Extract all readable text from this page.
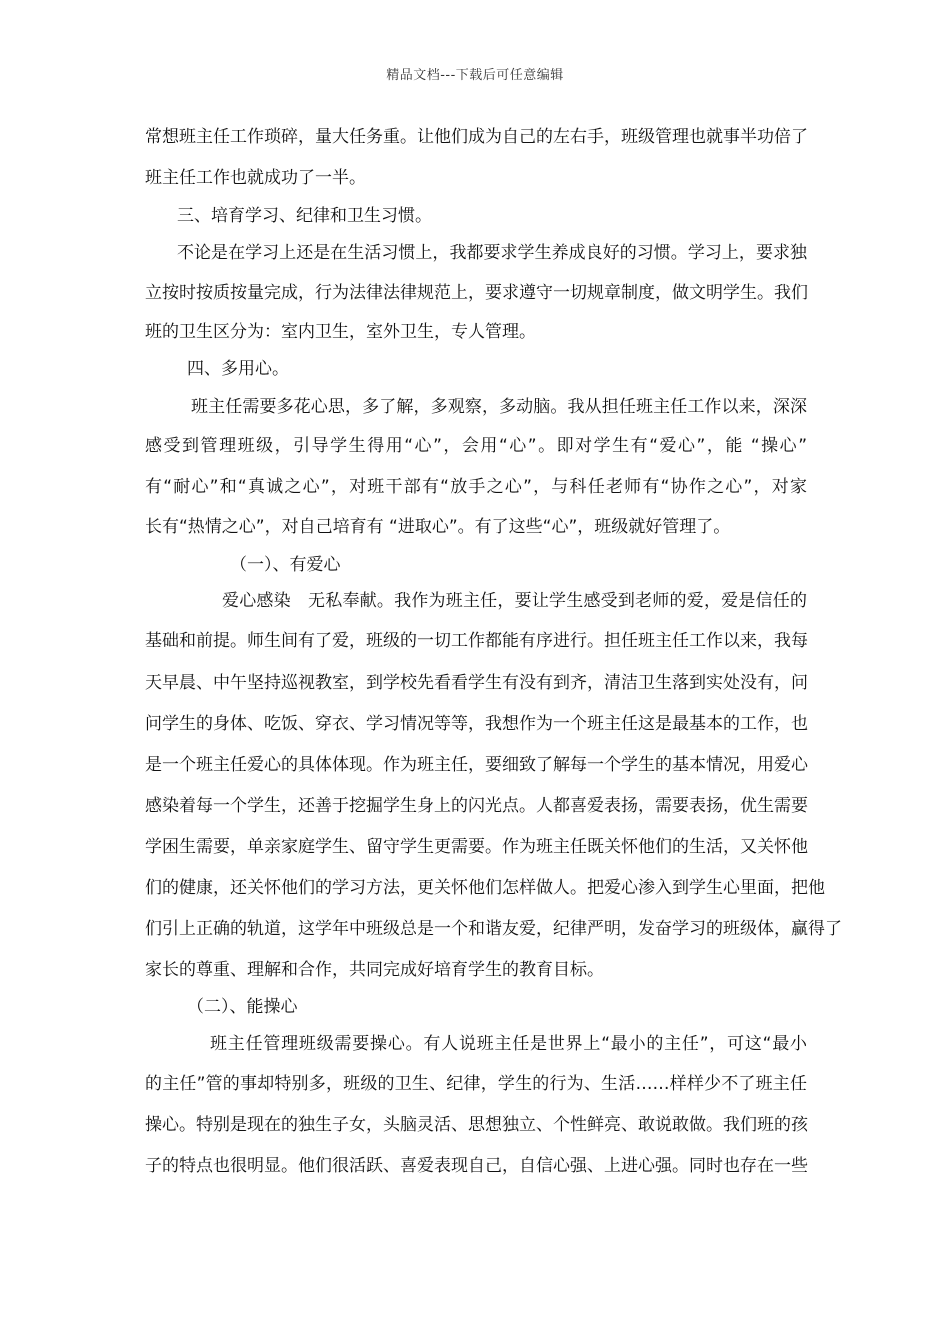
精品文档---下载后可任意编辑
常想班主任工作琐碎，量大任务重。让他们成为自己的左右手，班级管理也就事半功倍了
班主任工作也就成功了一半。
三、培育学习、纪律和卫生习惯。
不论是在学习上还是在生活习惯上，我都要求学生养成良好的习惯。学习上，要求独
立按时按质按量完成，行为法律法律规范上，要求遵守一切规章制度，做文明学生。我们
班的卫生区分为：室内卫生，室外卫生，专人管理。
四、多用心。
班主任需要多花心思，多了解，多观察，多动脑。我从担任班主任工作以来，深深
感受到管理班级，引导学生得用“心”，会用“心”。即对学生有“爱心”，能 “操心”
有“耐心”和“真诚之心”，对班干部有“放手之心”，与科任老师有“协作之心”，对家
长有“热情之心”，对自己培育有 “进取心”。有了这些“心”，班级就好管理了。
（一）、有爱心
爱心感染　无私奉献。我作为班主任，要让学生感受到老师的爱，爱是信任的
基础和前提。师生间有了爱，班级的一切工作都能有序进行。担任班主任工作以来，我每
天早晨、中午坚持巡视教室，到学校先看看学生有没有到齐，清洁卫生落到实处没有，问
问学生的身体、吃饭、穿衣、学习情况等等，我想作为一个班主任这是最基本的工作，也
是一个班主任爱心的具体体现。作为班主任，要细致了解每一个学生的基本情况，用爱心
感染着每一个学生，还善于挖掘学生身上的闪光点。人都喜爱表扬，需要表扬，优生需要
学困生需要，单亲家庭学生、留守学生更需要。作为班主任既关怀他们的生活，又关怀他
们的健康，还关怀他们的学习方法，更关怀他们怎样做人。把爱心渗入到学生心里面，把他
们引上正确的轨道，这学年中班级总是一个和谐友爱，纪律严明，发奋学习的班级体，赢得了
家长的尊重、理解和合作，共同完成好培育学生的教育目标。
（二）、能操心
班主任管理班级需要操心。有人说班主任是世界上“最小的主任”，可这“最小
的主任”管的事却特别多，班级的卫生、纪律，学生的行为、生活……样样少不了班主任
操心。特别是现在的独生子女，头脑灵活、思想独立、个性鲜亮、敢说敢做。我们班的孩
子的特点也很明显。他们很活跃、喜爱表现自己，自信心强、上进心强。同时也存在一些
